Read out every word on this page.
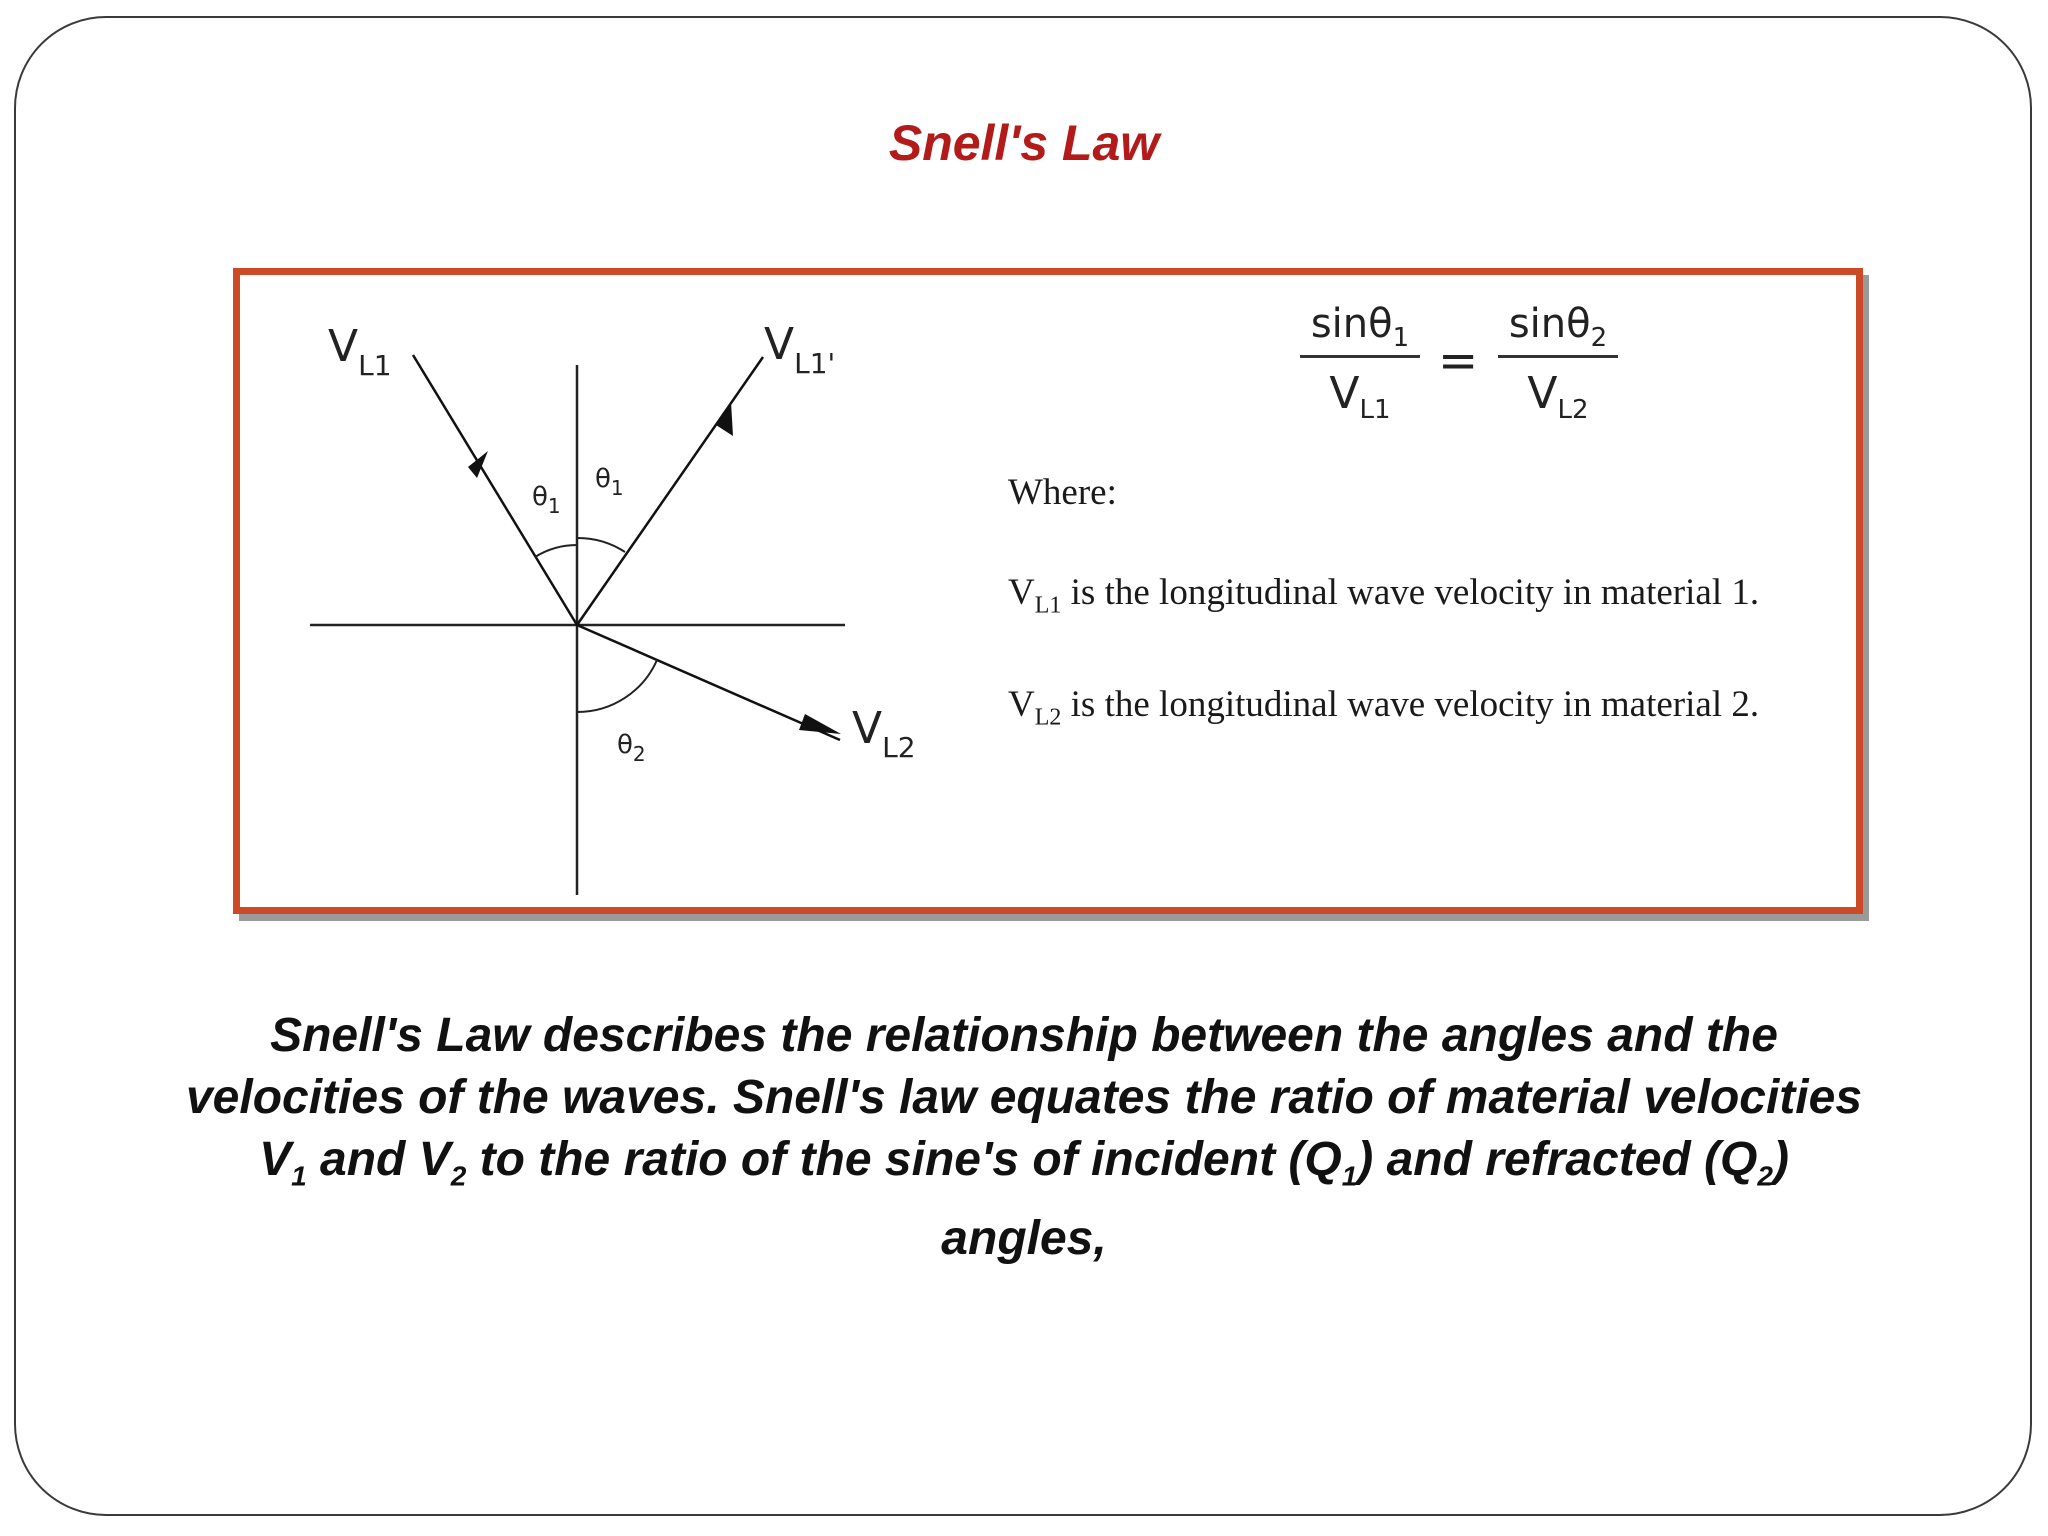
Snell's Law
$V_{L1}$	$V_{L1'}$
$V_{L2}$
$\theta_1$
$\theta_1$
$\theta_2$
sinθ$_1$
$V_{L1}$
=
sinθ$_2$
$V_{L2}$
Where:
$V_{L1}$ is the longitudinal wave velocity in material 1.
$V_{L2}$ is the longitudinal wave velocity in material 2.
Snell's Law describes the relationship between the angles and the velocities of the waves. Snell's law equates the ratio of material velocities $V_1$ and $V_2$ to the ratio of the sine's of incident $(Q_1)$ and refracted $(Q_2)$ angles,
